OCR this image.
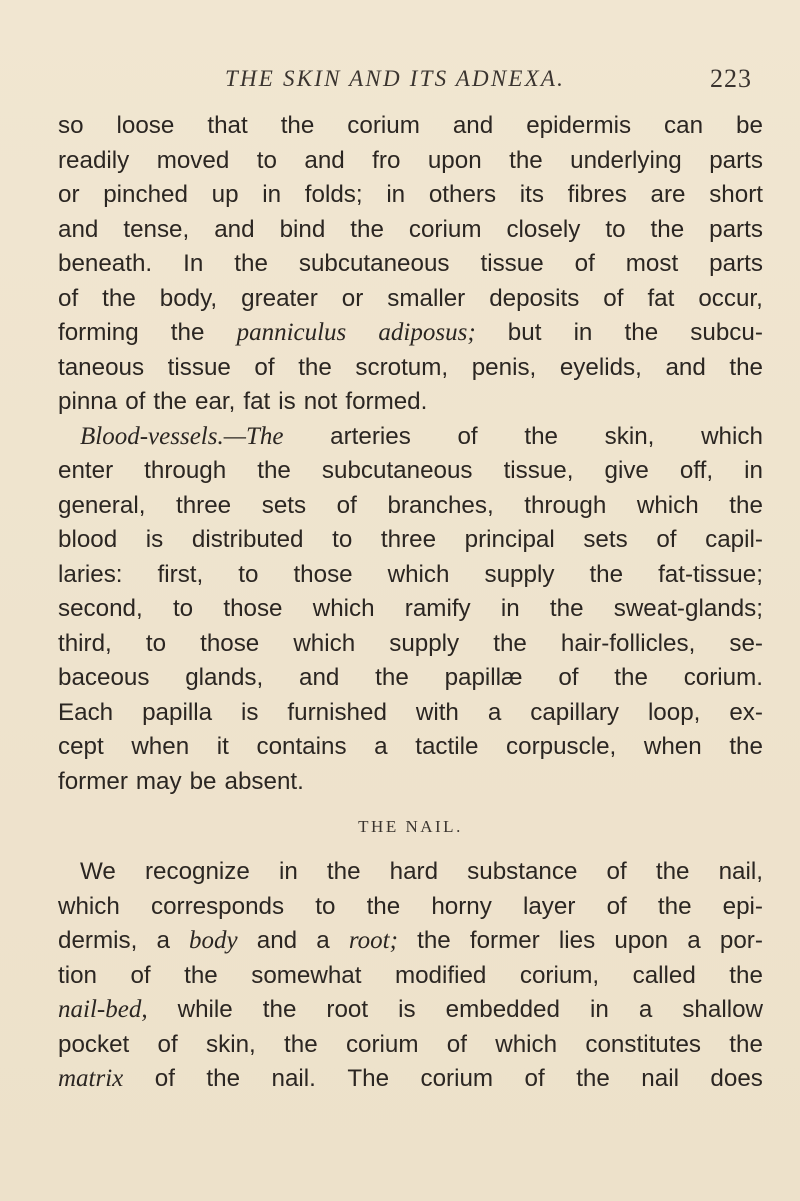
THE SKIN AND ITS ADNEXA.	223
so loose that the corium and epidermis can be
readily moved to and fro upon the underlying parts
or pinched up in folds; in others its fibres are short
and tense, and bind the corium closely to the parts
beneath. In the subcutaneous tissue of most parts
of the body, greater or smaller deposits of fat occur,
forming the panniculus adiposus; but in the subcu-
taneous tissue of the scrotum, penis, eyelids, and the
pinna of the ear, fat is not formed.
Blood-vessels.—The arteries of the skin, which
enter through the subcutaneous tissue, give off, in
general, three sets of branches, through which the
blood is distributed to three principal sets of capil-
laries: first, to those which supply the fat-tissue;
second, to those which ramify in the sweat-glands;
third, to those which supply the hair-follicles, se-
baceous glands, and the papillæ of the corium.
Each papilla is furnished with a capillary loop, ex-
cept when it contains a tactile corpuscle, when the
former may be absent.
THE NAIL.
We recognize in the hard substance of the nail,
which corresponds to the horny layer of the epi-
dermis, a body and a root; the former lies upon a por-
tion of the somewhat modified corium, called the
nail-bed, while the root is embedded in a shallow
pocket of skin, the corium of which constitutes the
matrix of the nail. The corium of the nail does
